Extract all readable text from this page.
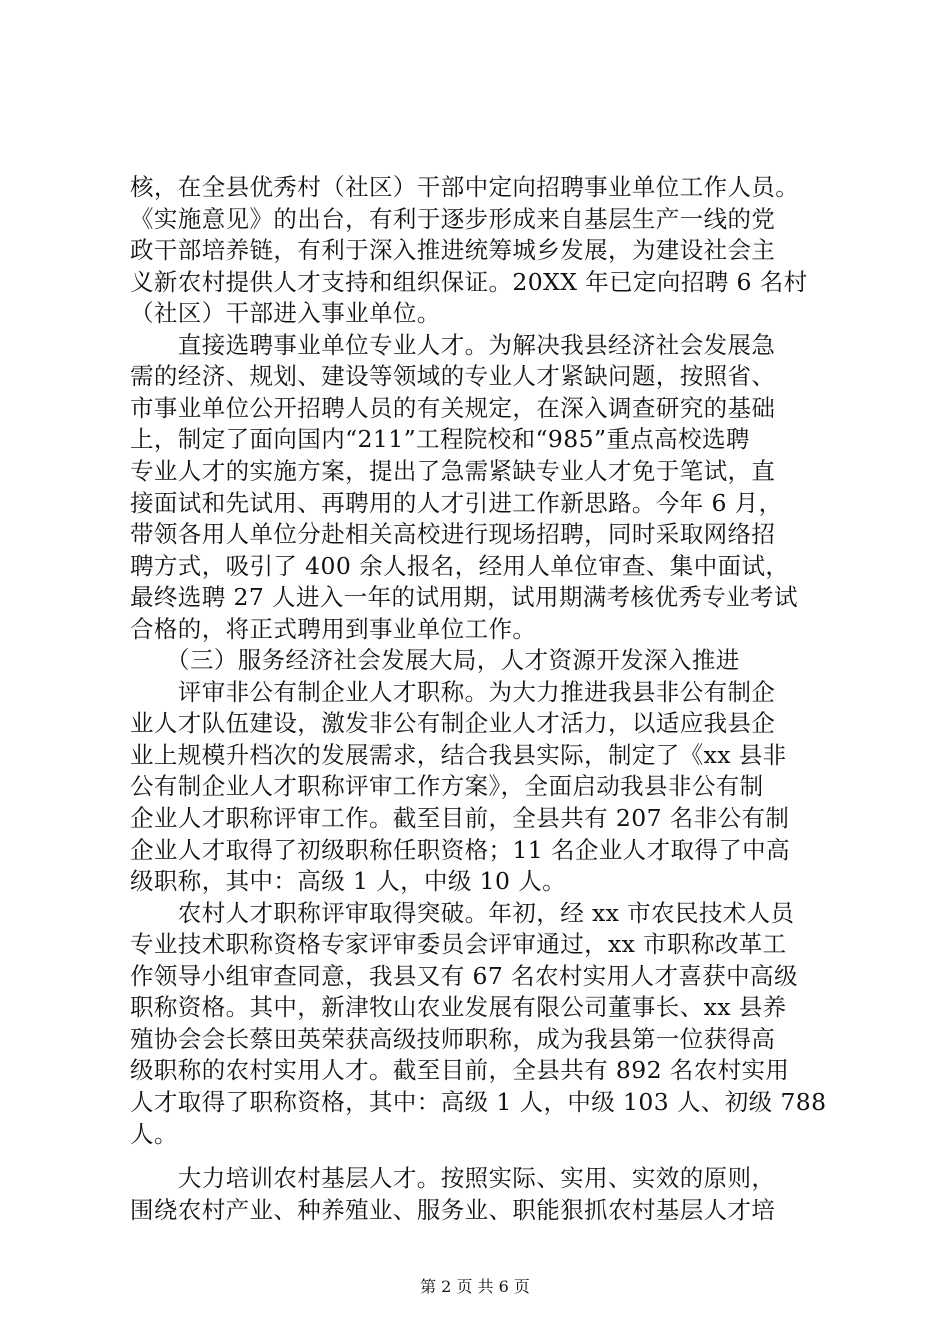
核，在全县优秀村（社区）干部中定向招聘事业单位工作人员。
《实施意见》的出台，有利于逐步形成来自基层生产一线的党
政干部培养链，有利于深入推进统筹城乡发展，为建设社会主
义新农村提供人才支持和组织保证。20XX 年已定向招聘 6 名村
（社区）干部进入事业单位。
　　直接选聘事业单位专业人才。为解决我县经济社会发展急
需的经济、规划、建设等领域的专业人才紧缺问题，按照省、
市事业单位公开招聘人员的有关规定，在深入调查研究的基础
上，制定了面向国内“211”工程院校和“985”重点高校选聘
专业人才的实施方案，提出了急需紧缺专业人才免于笔试，直
接面试和先试用、再聘用的人才引进工作新思路。今年 6 月，
带领各用人单位分赴相关高校进行现场招聘，同时采取网络招
聘方式，吸引了 400 余人报名，经用人单位审查、集中面试，
最终选聘 27 人进入一年的试用期，试用期满考核优秀专业考试
合格的，将正式聘用到事业单位工作。
　　（三）服务经济社会发展大局，人才资源开发深入推进
　　评审非公有制企业人才职称。为大力推进我县非公有制企
业人才队伍建设，激发非公有制企业人才活力，以适应我县企
业上规模升档次的发展需求，结合我县实际，制定了《xx 县非
公有制企业人才职称评审工作方案》，全面启动我县非公有制
企业人才职称评审工作。截至目前，全县共有 207 名非公有制
企业人才取得了初级职称任职资格；11 名企业人才取得了中高
级职称，其中：高级 1 人，中级 10 人。
　　农村人才职称评审取得突破。年初，经 xx 市农民技术人员
专业技术职称资格专家评审委员会评审通过，xx 市职称改革工
作领导小组审查同意，我县又有 67 名农村实用人才喜获中高级
职称资格。其中，新津牧山农业发展有限公司董事长、xx 县养
殖协会会长蔡田英荣获高级技师职称，成为我县第一位获得高
级职称的农村实用人才。截至目前，全县共有 892 名农村实用
人才取得了职称资格，其中：高级 1 人，中级 103 人、初级 788
人。
　　大力培训农村基层人才。按照实际、实用、实效的原则，
围绕农村产业、种养殖业、服务业、职能狠抓农村基层人才培
第 2 页 共 6 页
